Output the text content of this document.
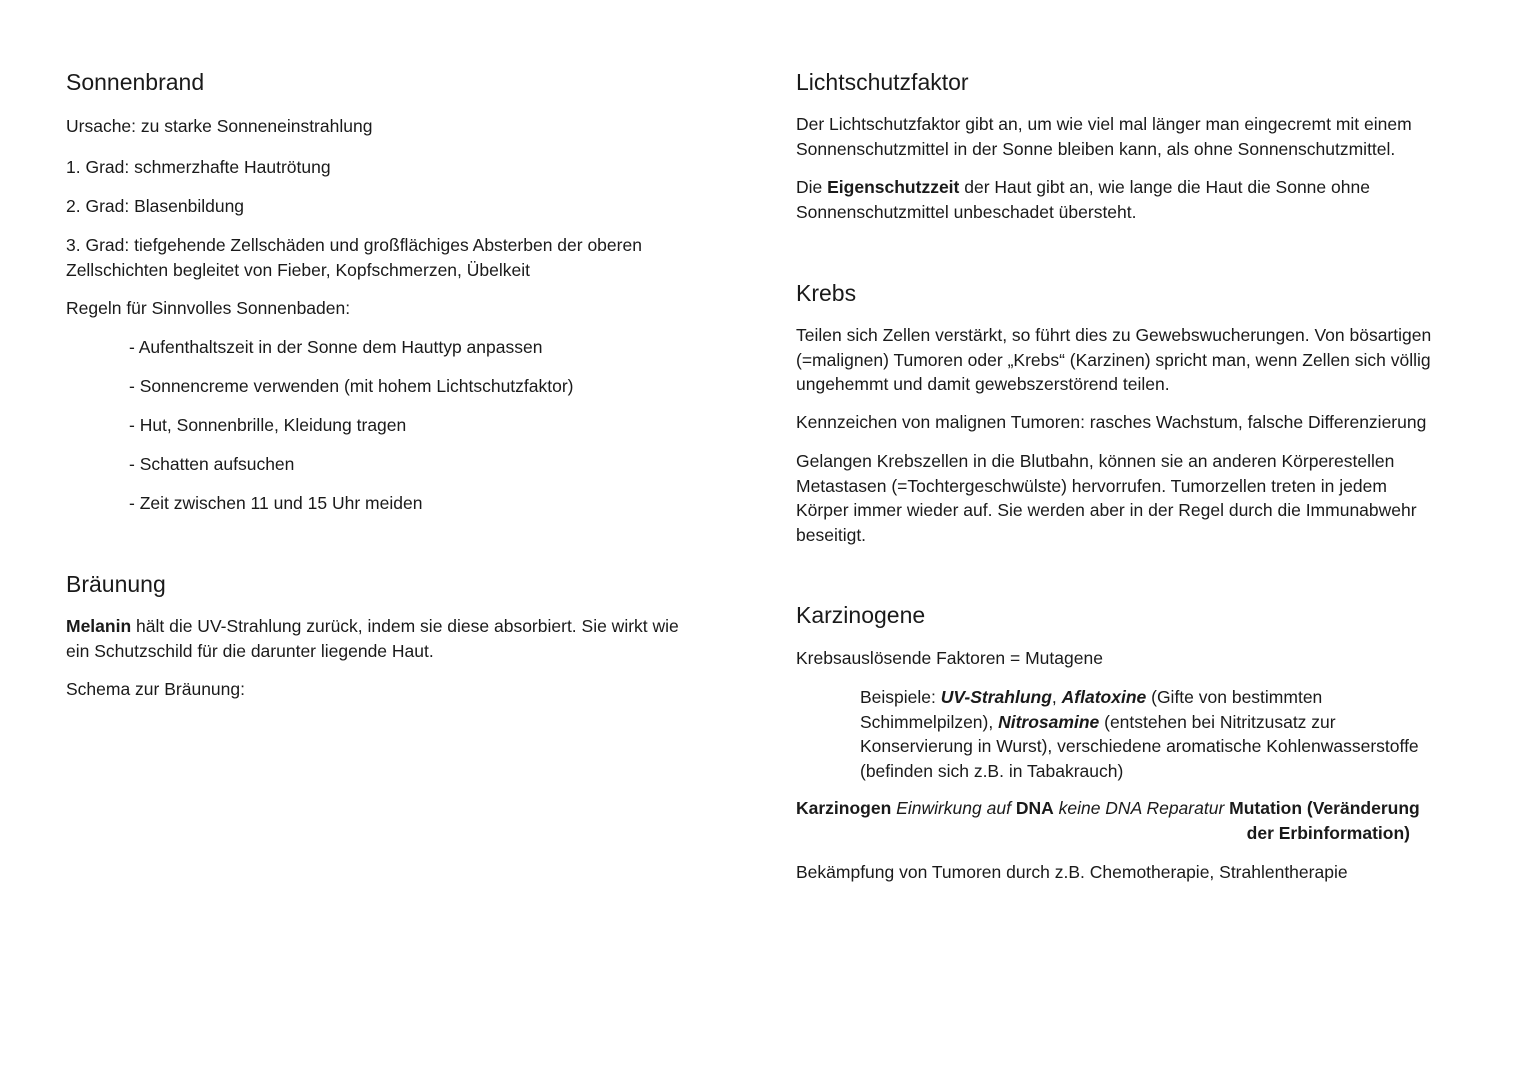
Sonnenbrand
Ursache: zu starke Sonneneinstrahlung
1. Grad: schmerzhafte Hautrötung
2. Grad: Blasenbildung
3. Grad: tiefgehende Zellschäden und großflächiges Absterben der oberen
Zellschichten begleitet von Fieber, Kopfschmerzen, Übelkeit
Regeln für Sinnvolles Sonnenbaden:
- Aufenthaltszeit in der Sonne dem Hauttyp anpassen
- Sonnencreme verwenden (mit hohem Lichtschutzfaktor)
- Hut, Sonnenbrille, Kleidung tragen
- Schatten aufsuchen
- Zeit zwischen 11 und 15 Uhr meiden
Bräunung
Melanin hält die UV-Strahlung zurück, indem sie diese absorbiert. Sie wirkt wie
ein Schutzschild für die darunter liegende Haut.
Schema zur Bräunung:
Lichtschutzfaktor
Der Lichtschutzfaktor gibt an, um wie viel mal länger man eingecremt mit einem
Sonnenschutzmittel in der Sonne bleiben kann, als ohne Sonnenschutzmittel.
Die Eigenschutzzeit der Haut gibt an, wie lange die Haut die Sonne ohne
Sonnenschutzmittel unbeschadet übersteht.
Krebs
Teilen sich Zellen verstärkt, so führt dies zu Gewebswucherungen. Von bösartigen
(=malignen) Tumoren oder „Krebs“ (Karzinen) spricht man, wenn Zellen sich völlig
ungehemmt und damit gewebszerstörend teilen.
Kennzeichen von malignen Tumoren: rasches Wachstum, falsche Differenzierung
Gelangen Krebszellen in die Blutbahn, können sie an anderen Körperestellen
Metastasen (=Tochtergeschwülste) hervorrufen. Tumorzellen treten in jedem
Körper immer wieder auf. Sie werden aber in der Regel durch die Immunabwehr
beseitigt.
Karzinogene
Krebsauslösende Faktoren = Mutagene
Beispiele: UV-Strahlung, Aflatoxine (Gifte von bestimmten
Schimmelpilzen), Nitrosamine (entstehen bei Nitritzusatz zur
Konservierung in Wurst), verschiedene aromatische Kohlenwasserstoffe
(befinden sich z.B. in Tabakrauch)
Karzinogen Einwirkung auf DNA keine DNA Reparatur Mutation (Veränderung
der Erbinformation)
Bekämpfung von Tumoren durch z.B. Chemotherapie, Strahlentherapie
